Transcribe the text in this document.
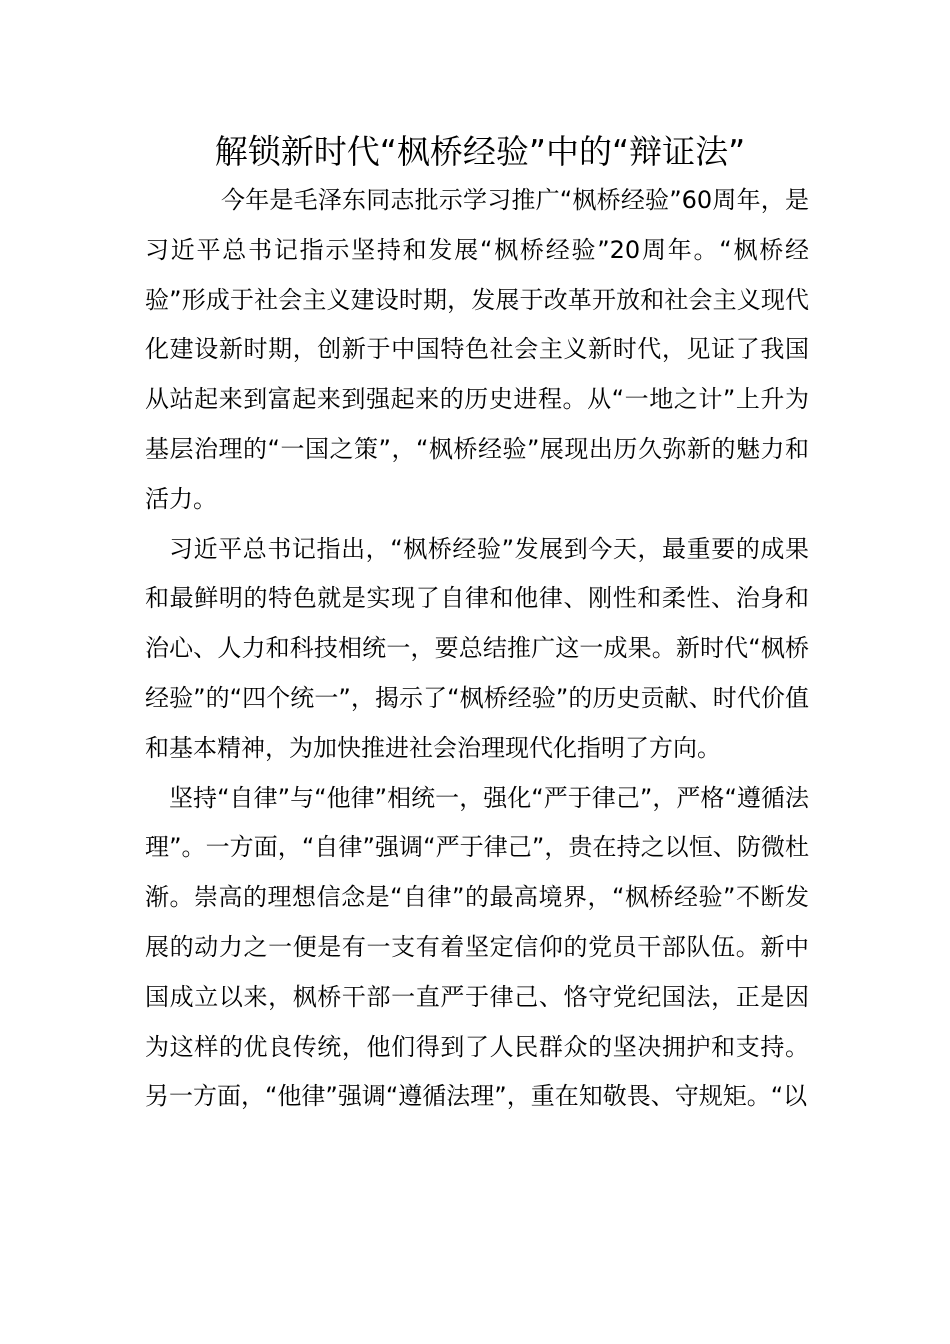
解锁新时代“枫桥经验”中的“辩证法”

今年是毛泽东同志批示学习推广“枫桥经验”60周年，是习近平总书记指示坚持和发展“枫桥经验”20周年。“枫桥经验”形成于社会主义建设时期，发展于改革开放和社会主义现代化建设新时期，创新于中国特色社会主义新时代，见证了我国从站起来到富起来到强起来的历史进程。从“一地之计”上升为基层治理的“一国之策”，“枫桥经验”展现出历久弥新的魅力和活力。

习近平总书记指出，“枫桥经验”发展到今天，最重要的成果和最鲜明的特色就是实现了自律和他律、刚性和柔性、治身和治心、人力和科技相统一，要总结推广这一成果。新时代“枫桥经验”的“四个统一”，揭示了“枫桥经验”的历史贡献、时代价值和基本精神，为加快推进社会治理现代化指明了方向。

坚持“自律”与“他律”相统一，强化“严于律己”，严格“遵循法理”。一方面，“自律”强调“严于律己”，贵在持之以恒、防微杜渐。崇高的理想信念是“自律”的最高境界，“枫桥经验”不断发展的动力之一便是有一支有着坚定信仰的党员干部队伍。新中国成立以来，枫桥干部一直严于律己、恪守党纪国法，正是因为这样的优良传统，他们得到了人民群众的坚决拥护和支持。另一方面，“他律”强调“遵循法理”，重在知敬畏、守规矩。“以
